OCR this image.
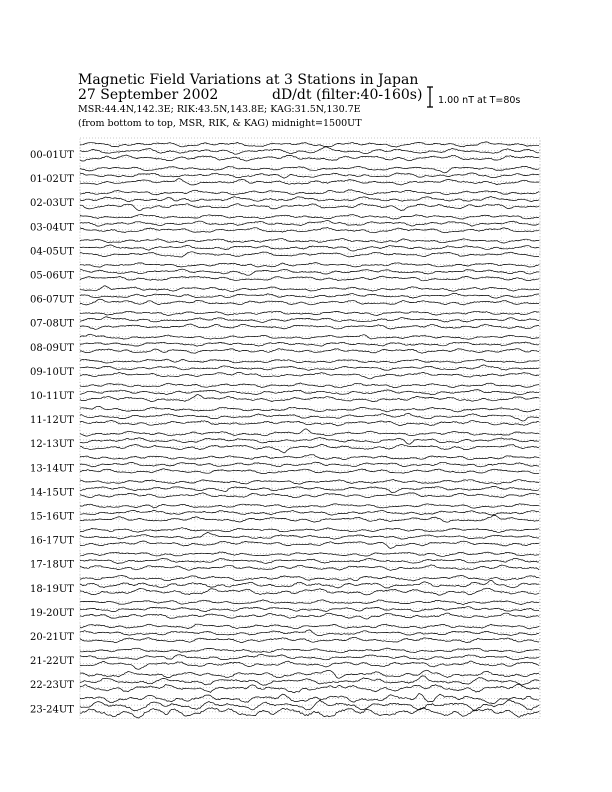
Magnetic Field Variations at 3 Stations in Japan
27 September 2002	dD/dt (filter:40-160s)
MSR:44.4N,142.3E; RIK:43.5N,143.8E; KAG:31.5N,130.7E
(from bottom to top, MSR, RIK, & KAG) midnight=1500UT
1.00 nT at T=80s
00-01UT
01-02UT
02-03UT
03-04UT
04-05UT
05-06UT
06-07UT
07-08UT
08-09UT
09-10UT
10-11UT
11-12UT
12-13UT
13-14UT
14-15UT
15-16UT
16-17UT
17-18UT
18-19UT
19-20UT
20-21UT
21-22UT
22-23UT
23-24UT
